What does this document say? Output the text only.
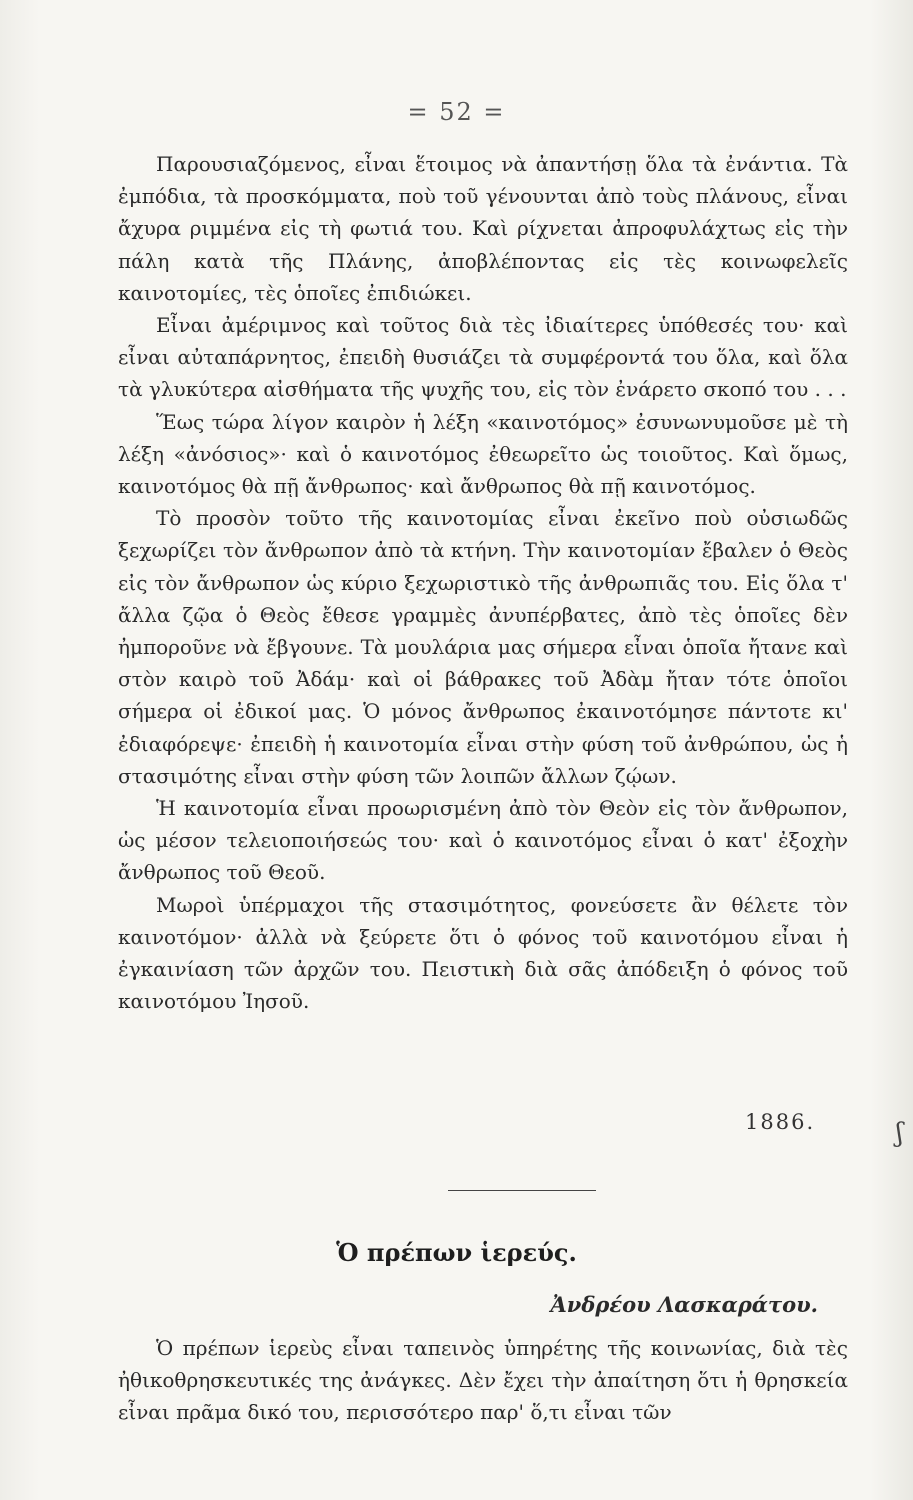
= 52 =

Παρουσιαζόμενος, εἶναι ἕτοιμος νὰ ἀπαντήσῃ ὅλα τὰ ἐνάντια. Τὰ ἐμπόδια, τὰ προσκόμματα, ποὺ τοῦ γένουνται ἀπὸ τοὺς πλάνους, εἶναι ἄχυρα ριμμένα εἰς τὴ φωτιά του. Καὶ ρίχνεται ἀπροφυλάχτως εἰς τὴν πάλη κατὰ τῆς Πλάνης, ἀποβλέποντας εἰς τὲς κοινωφελεῖς καινοτομίες, τὲς ὁποῖες ἐπιδιώκει.

Εἶναι ἀμέριμνος καὶ τοῦτος διὰ τὲς ἰδιαίτερες ὑπόθεσές του· καὶ εἶναι αὐταπάρνητος, ἐπειδὴ θυσιάζει τὰ συμφέροντά του ὅλα, καὶ ὅλα τὰ γλυκύτερα αἰσθήματα τῆς ψυχῆς του, εἰς τὸν ἐνάρετο σκοπό του . . .

Ἕως τώρα λίγον καιρὸν ἡ λέξη «καινοτόμος» ἐσυνωνυμοῦσε μὲ τὴ λέξη «ἀνόσιος»· καὶ ὁ καινοτόμος ἐθεωρεῖτο ὡς τοιοῦτος. Καὶ ὅμως, καινοτόμος θὰ πῇ ἄνθρωπος· καὶ ἄνθρωπος θὰ πῇ καινοτόμος.

Τὸ προσὸν τοῦτο τῆς καινοτομίας εἶναι ἐκεῖνο ποὺ οὐσιωδῶς ξεχωρίζει τὸν ἄνθρωπον ἀπὸ τὰ κτήνη. Τὴν καινοτομίαν ἔβαλεν ὁ Θεὸς εἰς τὸν ἄνθρωπον ὡς κύριο ξεχωριστικὸ τῆς ἀνθρωπιᾶς του. Εἰς ὅλα τ' ἄλλα ζῷα ὁ Θεὸς ἔθεσε γραμμὲς ἀνυπέρβατες, ἀπὸ τὲς ὁποῖες δὲν ἠμποροῦνε νὰ ἔβγουνε. Τὰ μουλάρια μας σήμερα εἶναι ὁποῖα ἤτανε καὶ στὸν καιρὸ τοῦ Ἀδάμ· καὶ οἱ βάθρακες τοῦ Ἀδὰμ ἤταν τότε ὁποῖοι σήμερα οἱ ἐδικοί μας. Ὁ μόνος ἄνθρωπος ἐκαινοτόμησε πάντοτε κι' ἐδιαφόρεψε· ἐπειδὴ ἡ καινοτομία εἶναι στὴν φύση τοῦ ἀνθρώπου, ὡς ἡ στασιμότης εἶναι στὴν φύση τῶν λοιπῶν ἄλλων ζῴων.

Ἡ καινοτομία εἶναι προωρισμένη ἀπὸ τὸν Θεὸν εἰς τὸν ἄνθρωπον, ὡς μέσον τελειοποιήσεώς του· καὶ ὁ καινοτόμος εἶναι ὁ κατ' ἐξοχὴν ἄνθρωπος τοῦ Θεοῦ.

Μωροὶ ὑπέρμαχοι τῆς στασιμότητος, φονεύσετε ἂν θέλετε τὸν καινοτόμον· ἀλλὰ νὰ ξεύρετε ὅτι ὁ φόνος τοῦ καινοτόμου εἶναι ἡ ἐγκαινίαση τῶν ἀρχῶν του. Πειστικὴ διὰ σᾶς ἀπόδειξη ὁ φόνος τοῦ καινοτόμου Ἰησοῦ.

1886.
Ὁ πρέπων ἱερεύς.
Ἀνδρέου Λασκαράτου.

Ὁ πρέπων ἱερεὺς εἶναι ταπεινὸς ὑπηρέτης τῆς κοινωνίας, διὰ τὲς ἠθικοθρησκευτικές της ἀνάγκες. Δὲν ἔχει τὴν ἀπαίτηση ὅτι ἡ θρησκεία εἶναι πρᾶμα δικό του, περισσότερο παρ' ὅ,τι εἶναι τῶν

ʃ
